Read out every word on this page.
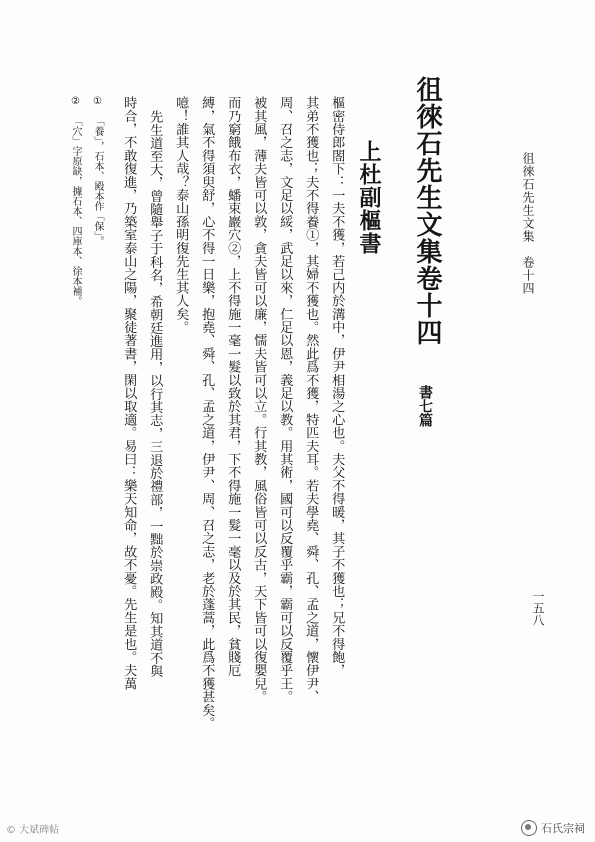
徂徠石先生文集　卷十四
一五八
徂徠石先生文集卷十四
書七篇
上杜副樞書
樞密侍郎閤下：一夫不獲，若己内於溝中，伊尹相湯之心也。夫父不得暖，其子不獲也；兄不得飽，
其弟不獲也；夫不得養①，其婦不獲也。然此爲不獲，特匹夫耳。若夫學堯、舜、孔、孟之道，懷伊尹、
周、召之志，文足以綏，武足以來，仁足以恩，義足以教。用其術，國可以反覆乎霸，霸可以反覆乎王。
被其風，薄夫皆可以敦，貪夫皆可以廉，懦夫皆可以立。行其教，風俗皆可以反古，天下皆可以復嬰兒。
而乃窮餓布衣，蟠束巖穴②，上不得施一毫一髮以致於其君，下不得施一髮一毫以及於其民，貧賤厄
縛，氣不得須臾舒，心不得一日樂，抱堯、舜、孔、孟之道，伊尹、周、召之志，老於蓬蒿，此爲不獲甚矣。
噫！誰其人哉？泰山孫明復先生其人矣。
先生道至大，曾隨舉子于科名，希朝廷進用，以行其志，三退於禮部，一黜於崇政殿。知其道不與
時合，不敢復進，乃築室泰山之陽，聚徒著書，閑以取適。易曰：樂天知命，故不憂。先生是也。夫萬
①
「養」，石本、殿本作「保」。
②
「穴」字原缺，據石本、四庫本、徐本補。
© 大斌碑帖	石氏宗祠
